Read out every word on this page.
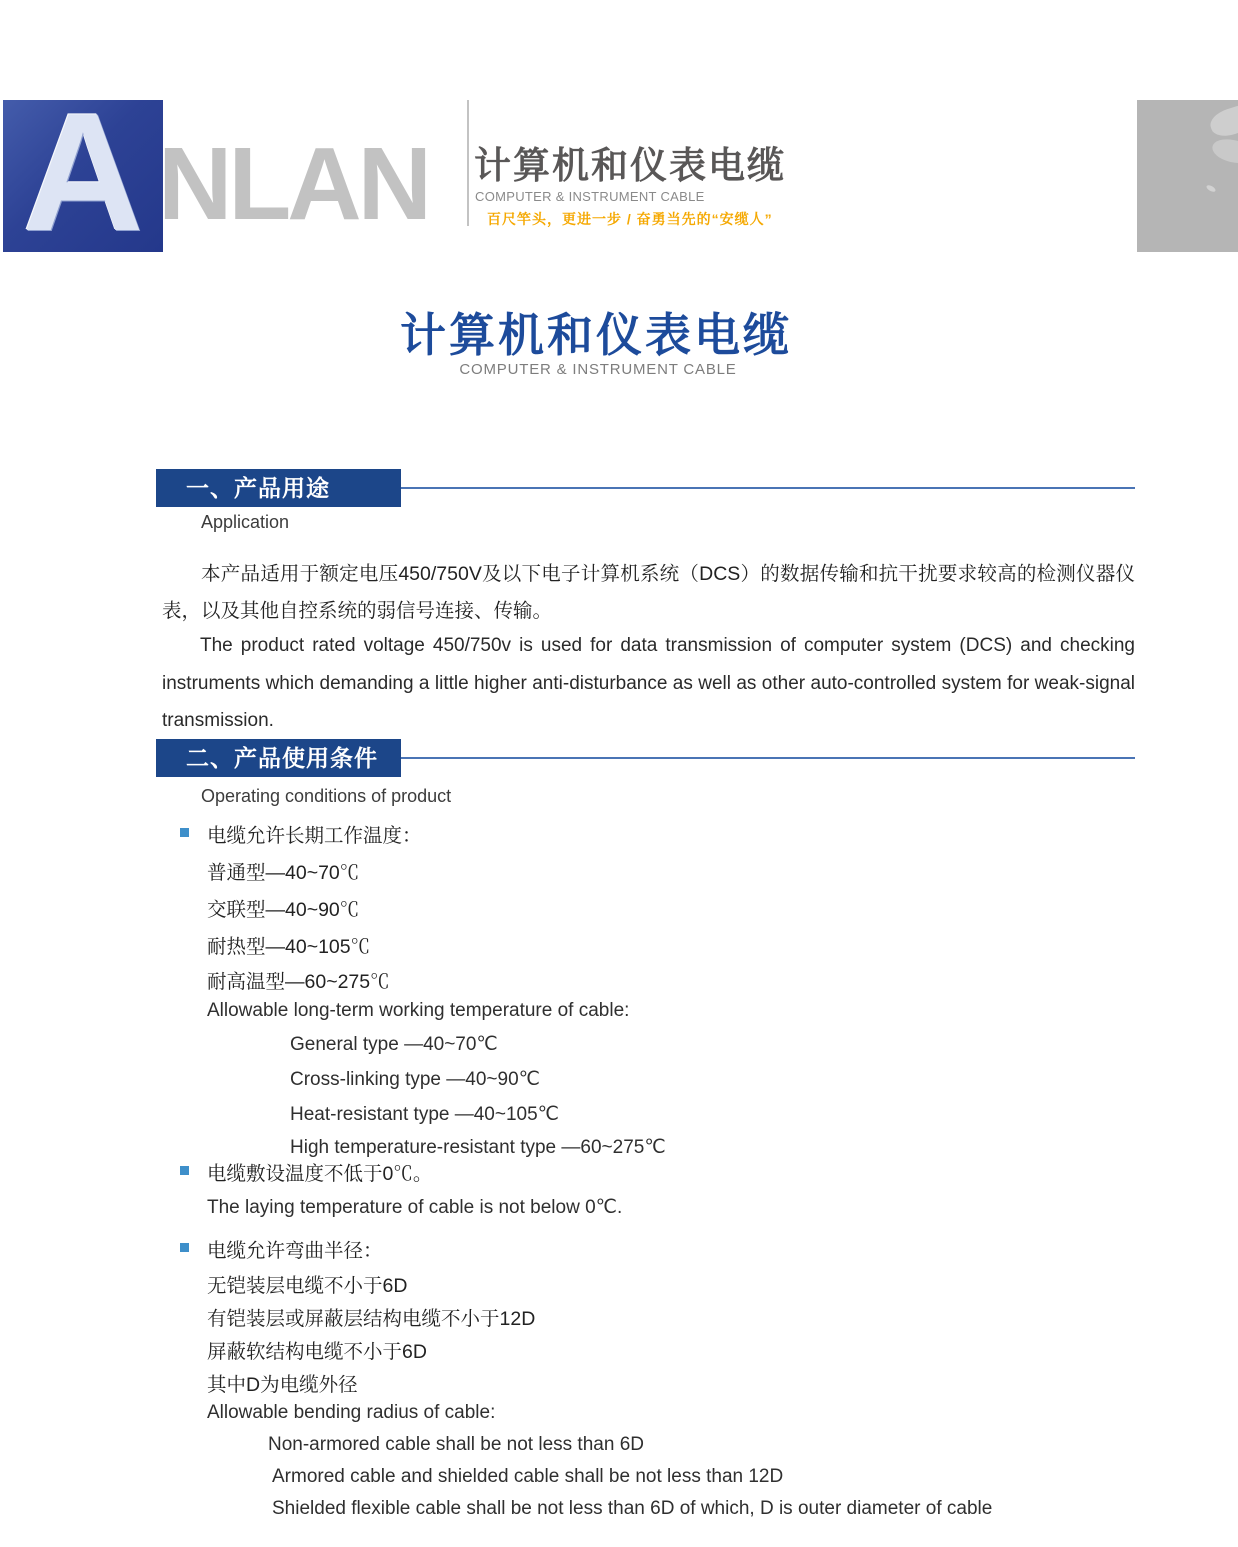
A NLAN 计算机和仪表电缆
COMPUTER & INSTRUMENT CABLE
百尺竿头，更进一步 / 奋勇当先的“安缆人”
计算机和仪表电缆
COMPUTER & INSTRUMENT CABLE
一、产品用途
Application
本产品适用于额定电压450/750V及以下电子计算机系统（DCS）的数据传输和抗干扰要求较高的检测仪器仪表，以及其他自控系统的弱信号连接、传输。
The product rated voltage 450/750v is used for data transmission of computer system (DCS) and checking instruments which demanding a little higher anti-disturbance as well as other auto-controlled system for weak-signal transmission.
二、产品使用条件
Operating conditions of product
电缆允许长期工作温度：
普通型—40~70℃
交联型—40~90℃
耐热型—40~105℃
耐高温型—60~275℃
Allowable long-term working temperature of cable:
General type —40~70℃
Cross-linking type —40~90℃
Heat-resistant type —40~105℃
High temperature-resistant type —60~275℃
电缆敷设温度不低于0℃。
The laying temperature of cable is not below 0℃.
电缆允许弯曲半径：
无铠装层电缆不小于6D
有铠装层或屏蔽层结构电缆不小于12D
屏蔽软结构电缆不小于6D
其中D为电缆外径
Allowable bending radius of cable:
Non-armored cable shall be not less than 6D
Armored cable and shielded cable shall be not less than 12D
Shielded flexible cable shall be not less than 6D of which, D is outer diameter of cable
